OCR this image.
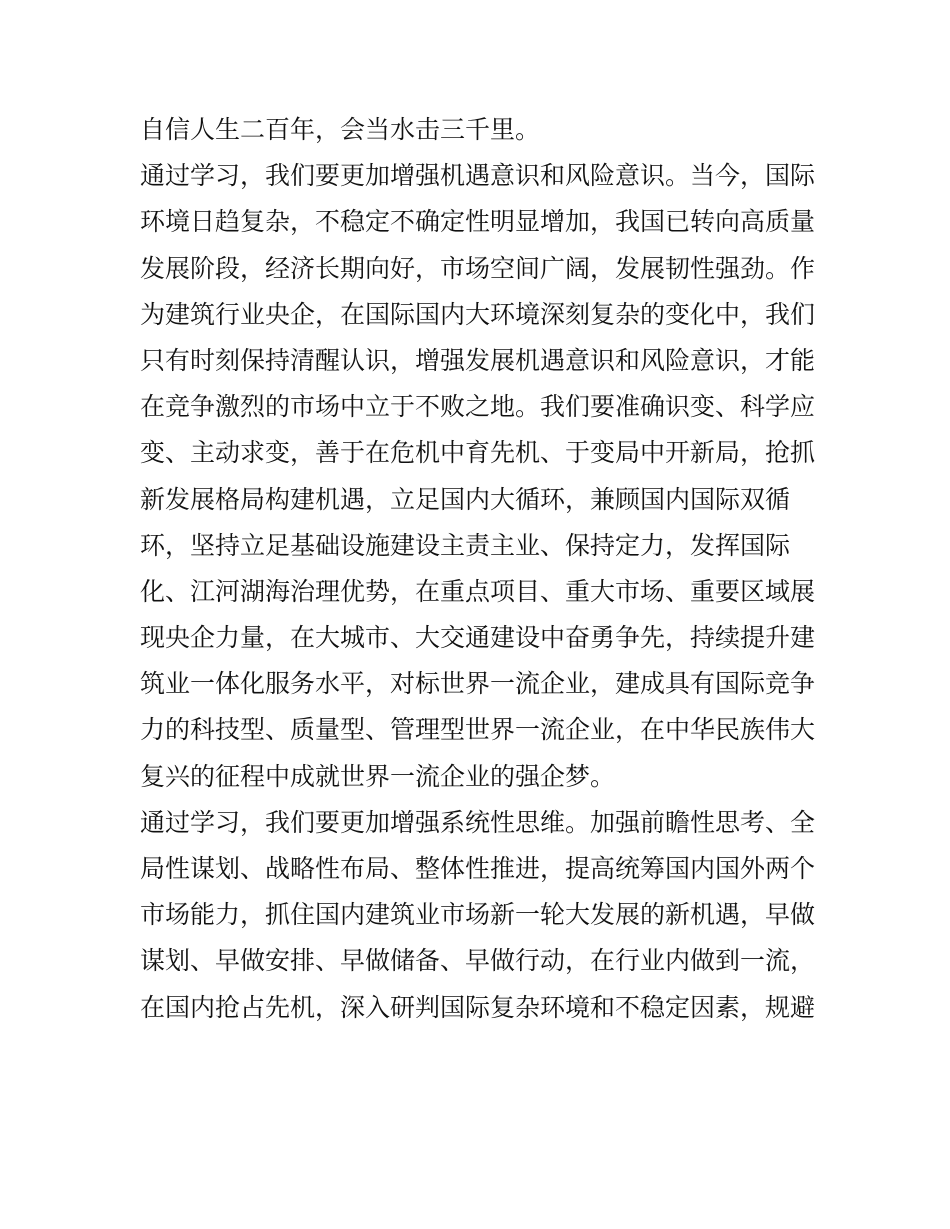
自信人生二百年，会当水击三千里。
通过学习，我们要更加增强机遇意识和风险意识。当今，国际
环境日趋复杂，不稳定不确定性明显增加，我国已转向高质量
发展阶段，经济长期向好，市场空间广阔，发展韧性强劲。作
为建筑行业央企，在国际国内大环境深刻复杂的变化中，我们
只有时刻保持清醒认识，增强发展机遇意识和风险意识，才能
在竞争激烈的市场中立于不败之地。我们要准确识变、科学应
变、主动求变，善于在危机中育先机、于变局中开新局，抢抓
新发展格局构建机遇，立足国内大循环，兼顾国内国际双循
环，坚持立足基础设施建设主责主业、保持定力，发挥国际
化、江河湖海治理优势，在重点项目、重大市场、重要区域展
现央企力量，在大城市、大交通建设中奋勇争先，持续提升建
筑业一体化服务水平，对标世界一流企业，建成具有国际竞争
力的科技型、质量型、管理型世界一流企业，在中华民族伟大
复兴的征程中成就世界一流企业的强企梦。
通过学习，我们要更加增强系统性思维。加强前瞻性思考、全
局性谋划、战略性布局、整体性推进，提高统筹国内国外两个
市场能力，抓住国内建筑业市场新一轮大发展的新机遇，早做
谋划、早做安排、早做储备、早做行动，在行业内做到一流，
在国内抢占先机，深入研判国际复杂环境和不稳定因素，规避
